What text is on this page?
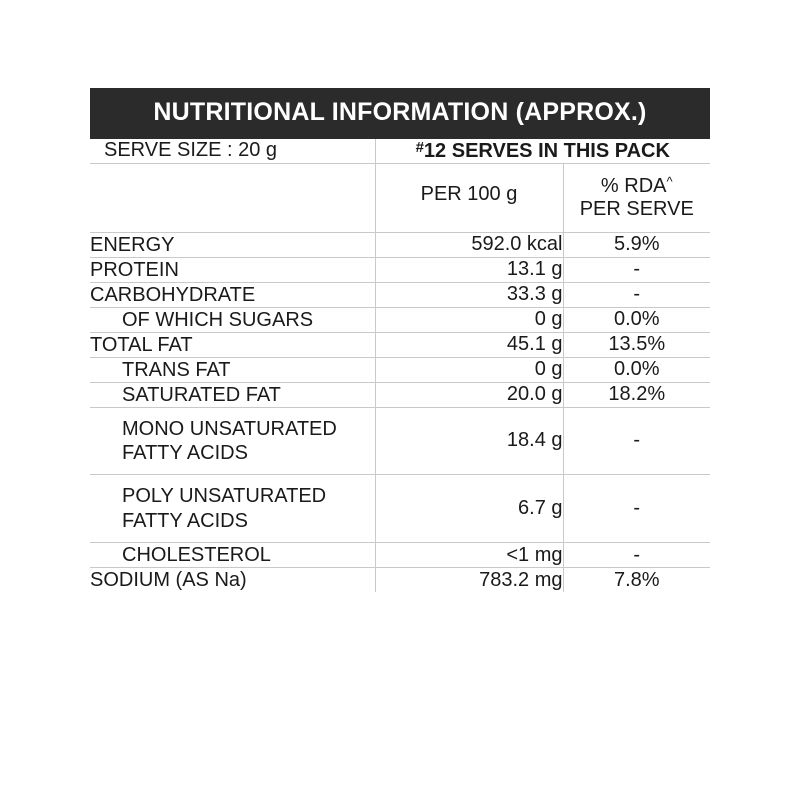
NUTRITIONAL INFORMATION (APPROX.)
SERVE SIZE : 20 g	#12 SERVES IN THIS PACK	
	PER 100 g	% RDA^
PER SERVE
ENERGY	592.0 kcal	5.9%
PROTEIN	13.1 g	-
CARBOHYDRATE	33.3 g	-
OF WHICH SUGARS	0 g	0.0%
TOTAL FAT	45.1 g	13.5%
TRANS FAT	0 g	0.0%
SATURATED FAT	20.0 g	18.2%
MONO UNSATURATED
FATTY ACIDS	18.4 g	-
POLY UNSATURATED
FATTY ACIDS	6.7 g	-
CHOLESTEROL	<1 mg	-
SODIUM (AS Na)	783.2 mg	7.8%
